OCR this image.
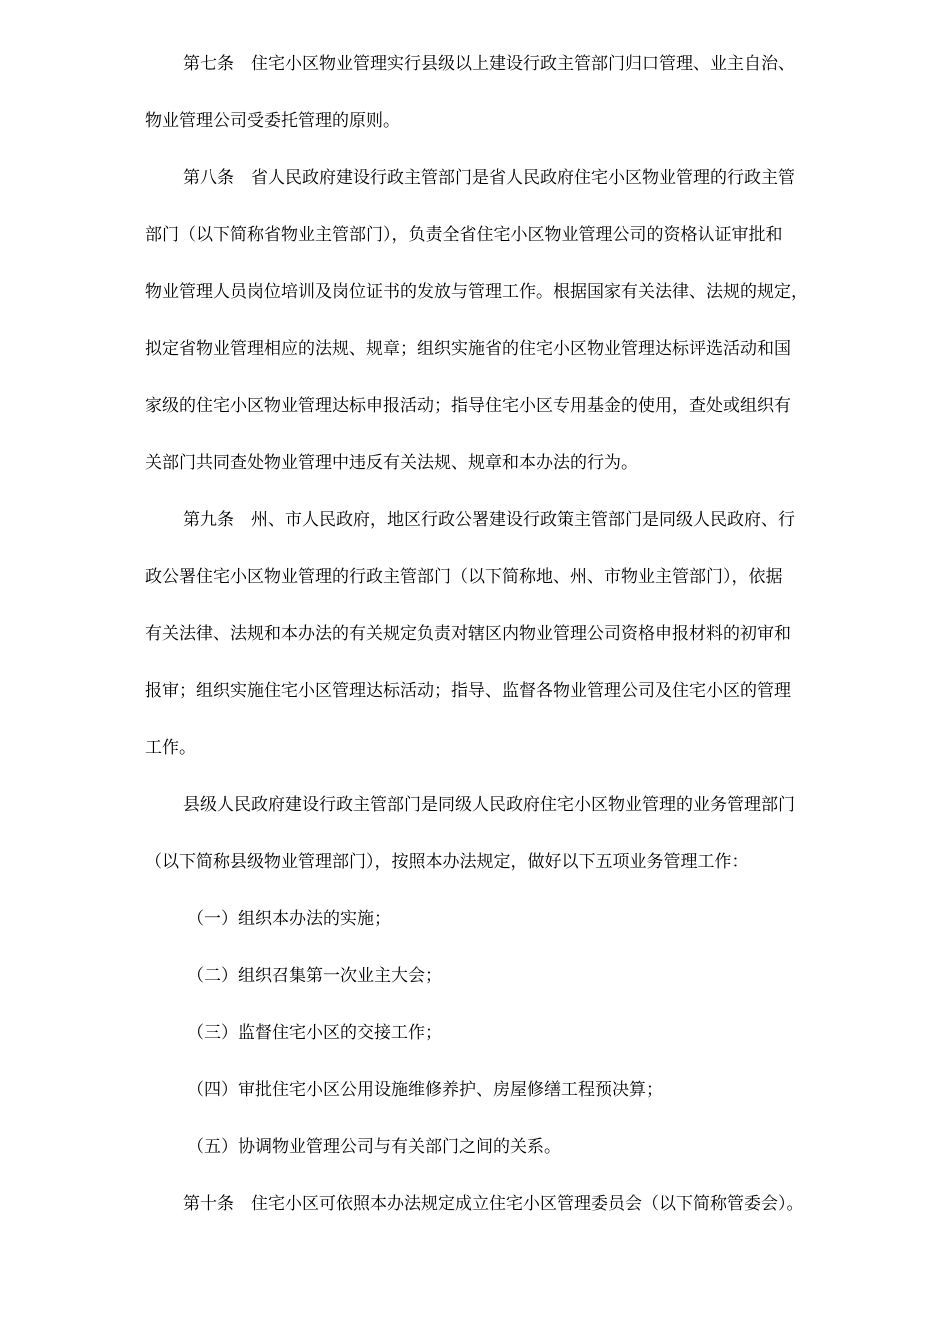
第七条　住宅小区物业管理实行县级以上建设行政主管部门归口管理、业主自治、
物业管理公司受委托管理的原则。
第八条　省人民政府建设行政主管部门是省人民政府住宅小区物业管理的行政主管
部门（以下简称省物业主管部门），负责全省住宅小区物业管理公司的资格认证审批和
物业管理人员岗位培训及岗位证书的发放与管理工作。根据国家有关法律、法规的规定，
拟定省物业管理相应的法规、规章；组织实施省的住宅小区物业管理达标评选活动和国
家级的住宅小区物业管理达标申报活动；指导住宅小区专用基金的使用，查处或组织有
关部门共同查处物业管理中违反有关法规、规章和本办法的行为。
第九条　州、市人民政府，地区行政公署建设行政策主管部门是同级人民政府、行
政公署住宅小区物业管理的行政主管部门（以下简称地、州、市物业主管部门），依据
有关法律、法规和本办法的有关规定负责对辖区内物业管理公司资格申报材料的初审和
报审；组织实施住宅小区管理达标活动；指导、监督各物业管理公司及住宅小区的管理
工作。
县级人民政府建设行政主管部门是同级人民政府住宅小区物业管理的业务管理部门
（以下简称县级物业管理部门），按照本办法规定，做好以下五项业务管理工作：
（一）组织本办法的实施；
（二）组织召集第一次业主大会；
（三）监督住宅小区的交接工作；
（四）审批住宅小区公用设施维修养护、房屋修缮工程预决算；
（五）协调物业管理公司与有关部门之间的关系。
第十条　住宅小区可依照本办法规定成立住宅小区管理委员会（以下简称管委会）。
